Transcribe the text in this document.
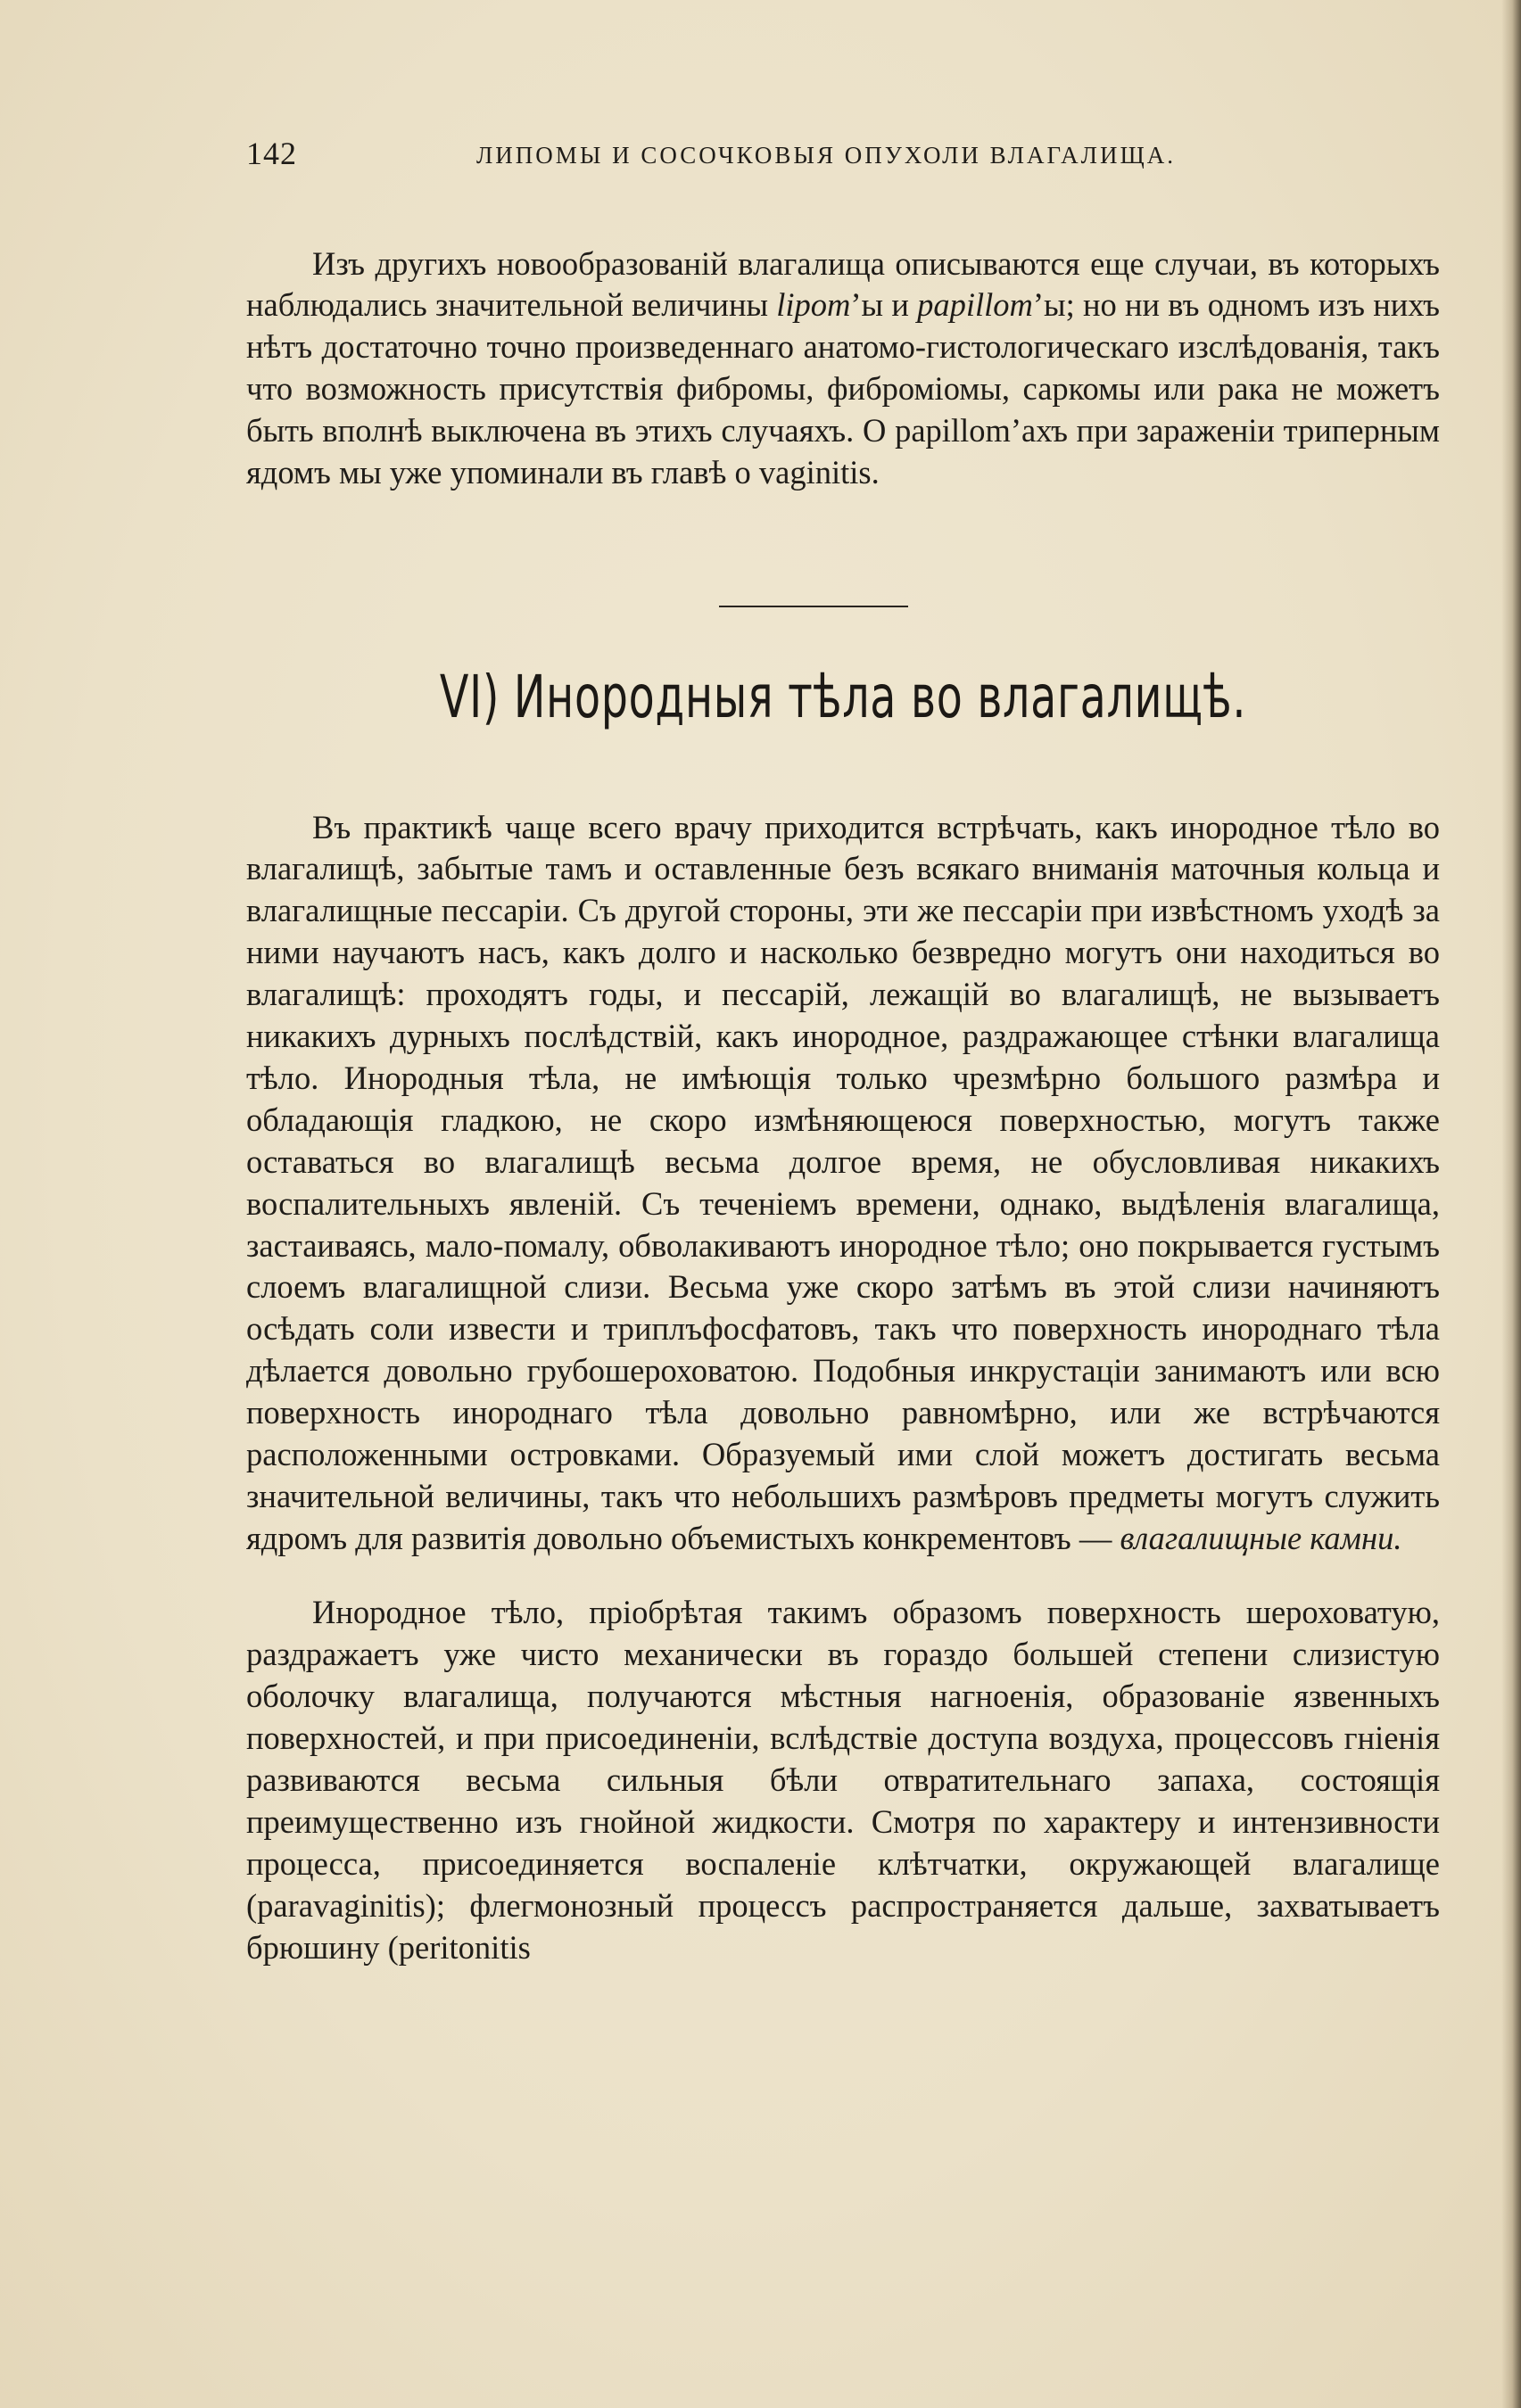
142	ЛИПОМЫ И СОСОЧКОВЫЯ ОПУХОЛИ ВЛАГАЛИЩА.

Изъ другихъ новообразованій влагалища описываются еще случаи, въ которыхъ наблюдались значительной величины lipom’ы и papillom’ы; но ни въ одномъ изъ нихъ нѣтъ достаточно точно произведеннаго анатомо-гистологическаго изслѣдованія, такъ что возможность присутствія фибромы, фиброміомы, саркомы или рака не можетъ быть вполнѣ выключена въ этихъ случаяхъ. О papillom’ахъ при зараженіи триперным ядомъ мы уже упоминали въ главѣ о vaginitis.

VI) Инородныя тѣла во влагалищѣ.

Въ практикѣ чаще всего врачу приходится встрѣчать, какъ инородное тѣло во влагалищѣ, забытые тамъ и оставленные безъ всякаго вниманія маточныя кольца и влагалищные пессаріи. Съ другой стороны, эти же пессаріи при извѣстномъ уходѣ за ними научаютъ насъ, какъ долго и насколько безвредно могутъ они находиться во влагалищѣ: проходятъ годы, и пессарій, лежащій во влагалищѣ, не вызываетъ никакихъ дурныхъ послѣдствій, какъ инородное, раздражающее стѣнки влагалища тѣло. Инородныя тѣла, не имѣющія только чрезмѣрно большого размѣра и обладающія гладкою, не скоро измѣняющеюся поверхностью, могутъ также оставаться во влагалищѣ весьма долгое время, не обусловливая никакихъ воспалительныхъ явленій. Съ теченіемъ времени, однако, выдѣленія влагалища, застаиваясь, мало-помалу, обволакиваютъ инородное тѣло; оно покрывается густымъ слоемъ влагалищной слизи. Весьма уже скоро затѣмъ въ этой слизи начиняютъ осѣдать соли извести и триплъфосфатовъ, такъ что поверхность инороднаго тѣла дѣлается довольно грубошероховатою. Подобныя инкрустаціи занимаютъ или всю поверхность инороднаго тѣла довольно равномѣрно, или же встрѣчаются расположенными островками. Образуемый ими слой можетъ достигать весьма значительной величины, такъ что небольшихъ размѣровъ предметы могутъ служить ядромъ для развитія довольно объемистыхъ конкрементовъ — влагалищные камни.

Инородное тѣло, пріобрѣтая такимъ образомъ поверхность шероховатую, раздражаетъ уже чисто механически въ гораздо большей степени слизистую оболочку влагалища, получаются мѣстныя нагноенія, образованіе язвенныхъ поверхностей, и при присоединеніи, вслѣдствіе доступа воздуха, процессовъ гніенія развиваются весьма сильныя бѣли отвратительнаго запаха, состоящія преимущественно изъ гнойной жидкости. Смотря по характеру и интензивности процесса, присоединяется воспаленіе клѣтчатки, окружающей влагалище (paravaginitis); флегмонозный процессъ распространяется дальше, захватываетъ брюшину (peritonitis
